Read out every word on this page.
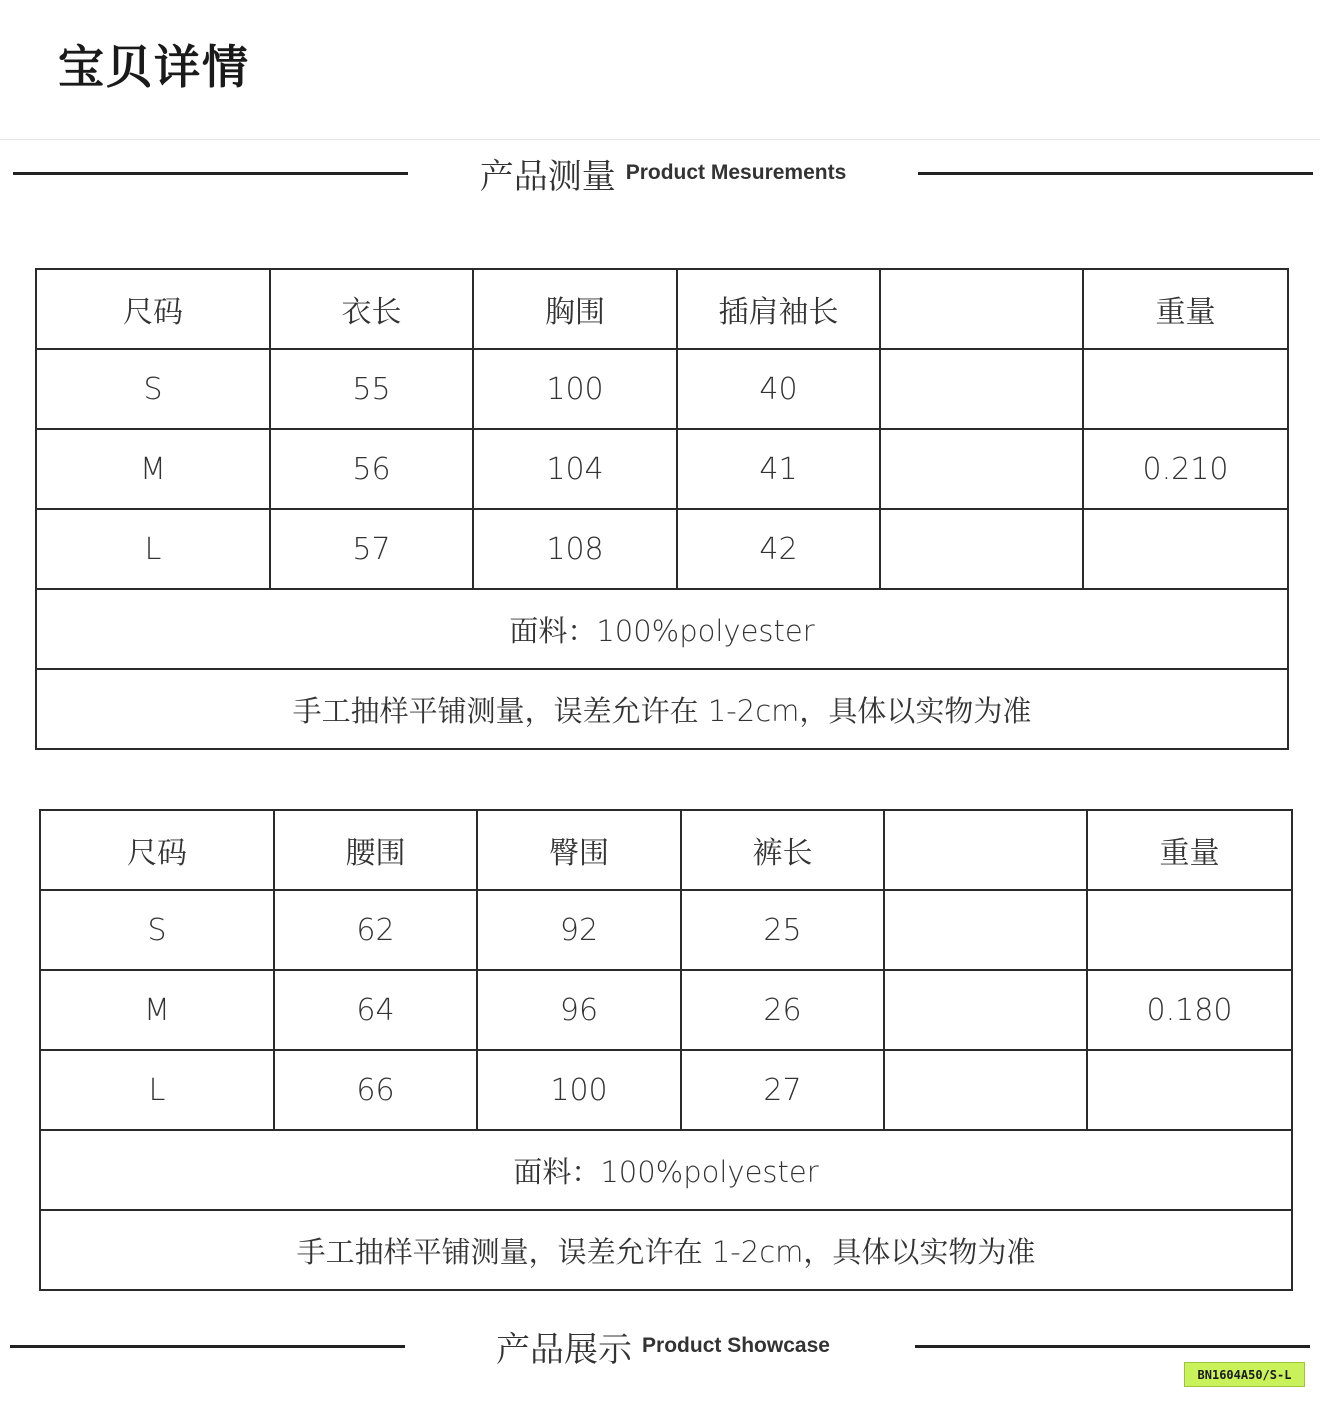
宝贝详情
产品测量 Product Mesurements
尺码	衣长	胸围	插肩袖长		重量
S	55	100	40		
M	56	104	41		0.210
L	57	108	42		
面料：100%polyester					
手工抽样平铺测量，误差允许在 1-2cm，具体以实物为准					
尺码	腰围	臀围	裤长		重量
S	62	92	25		
M	64	96	26		0.180
L	66	100	27		
面料：100%polyester					
手工抽样平铺测量，误差允许在 1-2cm，具体以实物为准					
产品展示 Product Showcase
BN1604A50/S-L
